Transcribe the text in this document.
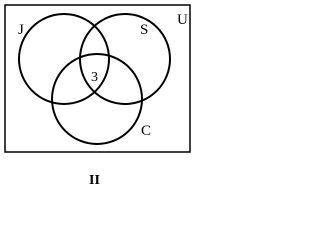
U
J	S
C
3
II
